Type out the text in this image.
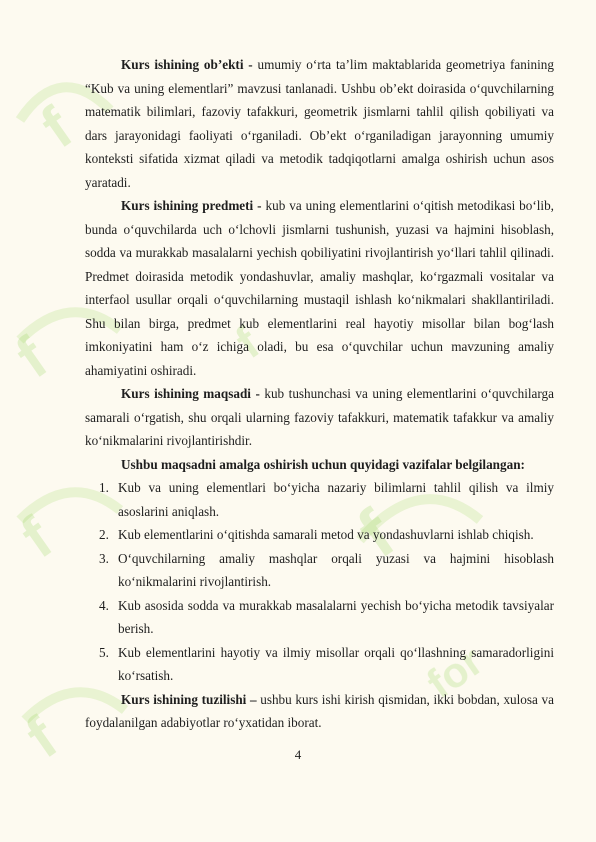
f
f
f
f
f
f
for

Kurs ishining ob’ekti - umumiy o‘rta ta’lim maktablarida geometriya fanining “Kub va uning elementlari” mavzusi tanlanadi. Ushbu ob’ekt doirasida o‘quvchilarning matematik bilimlari, fazoviy tafakkuri, geometrik jismlarni tahlil qilish qobiliyati va dars jarayonidagi faoliyati o‘rganiladi. Ob’ekt o‘rganiladigan jarayonning umumiy konteksti sifatida xizmat qiladi va metodik tadqiqotlarni amalga oshirish uchun asos yaratadi.

Kurs ishining predmeti - kub va uning elementlarini o‘qitish metodikasi bo‘lib, bunda o‘quvchilarda uch o‘lchovli jismlarni tushunish, yuzasi va hajmini hisoblash, sodda va murakkab masalalarni yechish qobiliyatini rivojlantirish yo‘llari tahlil qilinadi. Predmet doirasida metodik yondashuvlar, amaliy mashqlar, ko‘rgazmali vositalar va interfaol usullar orqali o‘quvchilarning mustaqil ishlash ko‘nikmalari shakllantiriladi. Shu bilan birga, predmet kub elementlarini real hayotiy misollar bilan bog‘lash imkoniyatini ham o‘z ichiga oladi, bu esa o‘quvchilar uchun mavzuning amaliy ahamiyatini oshiradi.

Kurs ishining maqsadi - kub tushunchasi va uning elementlarini o‘quvchilarga samarali o‘rgatish, shu orqali ularning fazoviy tafakkuri, matematik tafakkur va amaliy ko‘nikmalarini rivojlantirishdir.

Ushbu maqsadni amalga oshirish uchun quyidagi vazifalar belgilangan:

1. Kub va uning elementlari bo‘yicha nazariy bilimlarni tahlil qilish va ilmiy asoslarini aniqlash.
2. Kub elementlarini o‘qitishda samarali metod va yondashuvlarni ishlab chiqish.
3. O‘quvchilarning amaliy mashqlar orqali yuzasi va hajmini hisoblash ko‘nikmalarini rivojlantirish.
4. Kub asosida sodda va murakkab masalalarni yechish bo‘yicha metodik tavsiyalar berish.
5. Kub elementlarini hayotiy va ilmiy misollar orqali qo‘llashning samaradorligini ko‘rsatish.

Kurs ishining tuzilishi – ushbu kurs ishi kirish qismidan, ikki bobdan, xulosa va foydalanilgan adabiyotlar ro‘yxatidan iborat.

4
